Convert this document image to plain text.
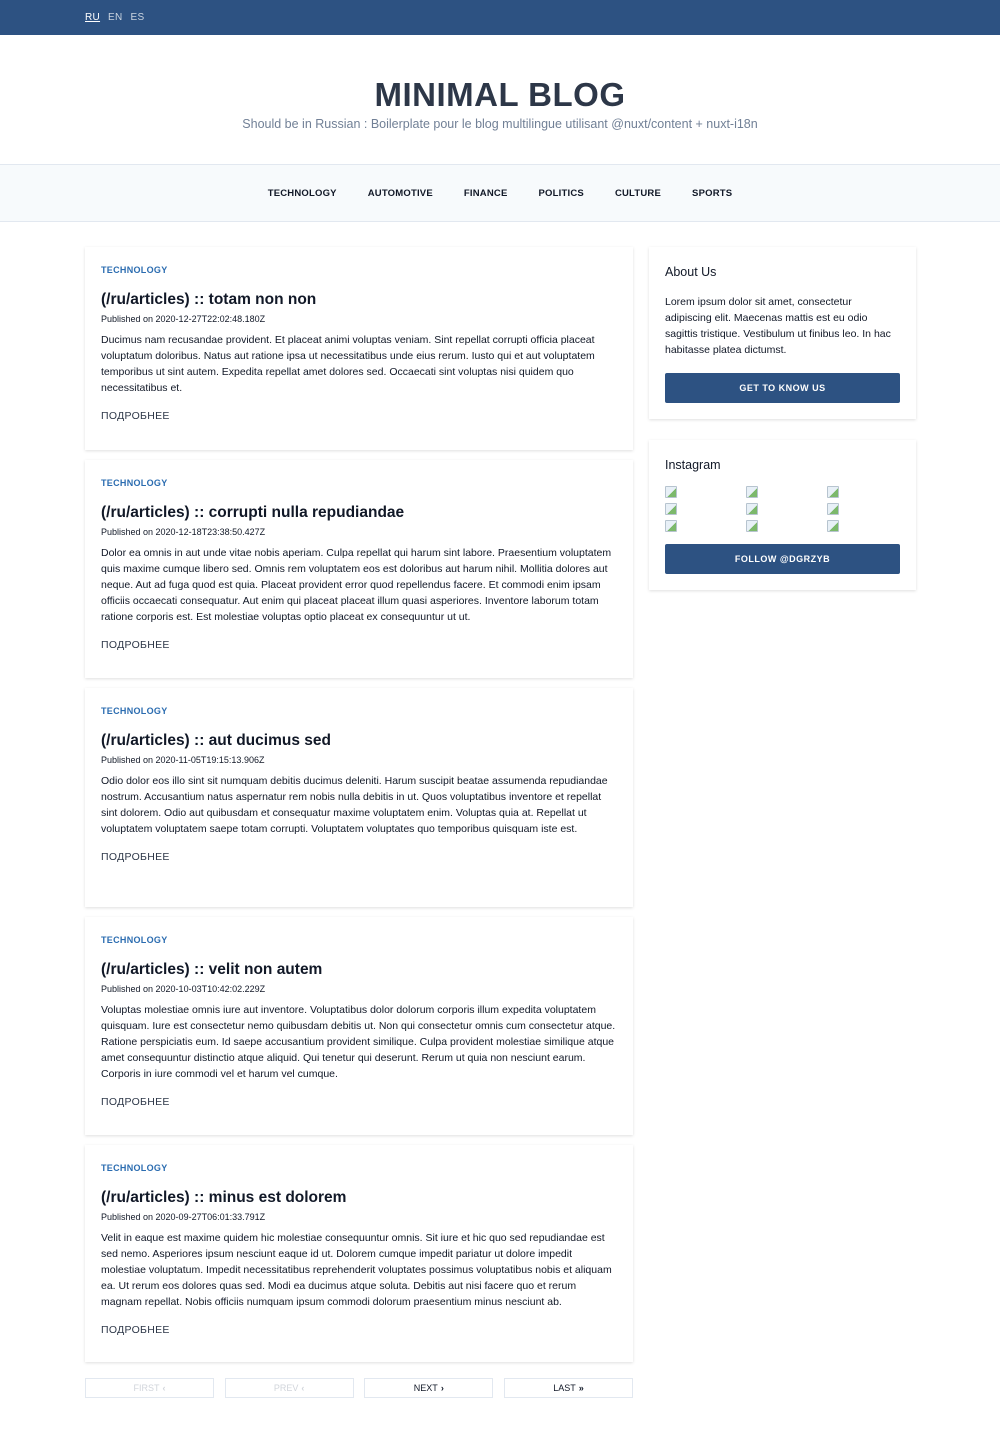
RU EN ES
MINIMAL BLOG

Should be in Russian : Boilerplate pour le blog multilingue utilisant @nuxt/content + nuxt-i18n

TECHNOLOGY	AUTOMOTIVE	FINANCE	POLITICS	CULTURE	SPORTS
TECHNOLOGY
(/ru/articles) :: totam non non

Published on 2020-12-27T22:02:48.180Z

Ducimus nam recusandae provident. Et placeat animi voluptas veniam. Sint repellat corrupti officia placeat voluptatum doloribus. Natus aut ratione ipsa ut necessitatibus unde eius rerum. Iusto qui et aut voluptatem temporibus ut sint autem. Expedita repellat amet dolores sed. Occaecati sint voluptas nisi quidem quo necessitatibus et.

ПОДРОБНЕЕ
TECHNOLOGY
(/ru/articles) :: corrupti nulla repudiandae

Published on 2020-12-18T23:38:50.427Z

Dolor ea omnis in aut unde vitae nobis aperiam. Culpa repellat qui harum sint labore. Praesentium voluptatem quis maxime cumque libero sed. Omnis rem voluptatem eos est doloribus aut harum nihil. Mollitia dolores aut neque. Aut ad fuga quod est quia. Placeat provident error quod repellendus facere. Et commodi enim ipsam officiis occaecati consequatur. Aut enim qui placeat placeat illum quasi asperiores. Inventore laborum totam ratione corporis est. Est molestiae voluptas optio placeat ex consequuntur ut ut.

ПОДРОБНЕЕ
TECHNOLOGY
(/ru/articles) :: aut ducimus sed

Published on 2020-11-05T19:15:13.906Z

Odio dolor eos illo sint sit numquam debitis ducimus deleniti. Harum suscipit beatae assumenda repudiandae nostrum. Accusantium natus aspernatur rem nobis nulla debitis in ut. Quos voluptatibus inventore et repellat sint dolorem. Odio aut quibusdam et consequatur maxime voluptatem enim. Voluptas quia at. Repellat ut voluptatem voluptatem saepe totam corrupti. Voluptatem voluptates quo temporibus quisquam iste est.

ПОДРОБНЕЕ
TECHNOLOGY
(/ru/articles) :: velit non autem

Published on 2020-10-03T10:42:02.229Z

Voluptas molestiae omnis iure aut inventore. Voluptatibus dolor dolorum corporis illum expedita voluptatem quisquam. Iure est consectetur nemo quibusdam debitis ut. Non qui consectetur omnis cum consectetur atque. Ratione perspiciatis eum. Id saepe accusantium provident similique. Culpa provident molestiae similique atque amet consequuntur distinctio atque aliquid. Qui tenetur qui deserunt. Rerum ut quia non nesciunt earum. Corporis in iure commodi vel et harum vel cumque.

ПОДРОБНЕЕ
TECHNOLOGY
(/ru/articles) :: minus est dolorem

Published on 2020-09-27T06:01:33.791Z

Velit in eaque est maxime quidem hic molestiae consequuntur omnis. Sit iure et hic quo sed repudiandae est sed nemo. Asperiores ipsum nesciunt eaque id ut. Dolorem cumque impedit pariatur ut dolore impedit molestiae voluptatum. Impedit necessitatibus reprehenderit voluptates possimus voluptatibus nobis et aliquam ea. Ut rerum eos dolores quas sed. Modi ea ducimus atque soluta. Debitis aut nisi facere quo et rerum magnam repellat. Nobis officiis numquam ipsum commodi dolorum praesentium minus nesciunt ab.

ПОДРОБНЕЕ
FIRST ‹	PREV ‹	NEXT ›	LAST »
About Us

Lorem ipsum dolor sit amet, consectetur adipiscing elit. Maecenas mattis est eu odio sagittis tristique. Vestibulum ut finibus leo. In hac habitasse platea dictumst.

GET TO KNOW US
Instagram
FOLLOW @DGRZYB
